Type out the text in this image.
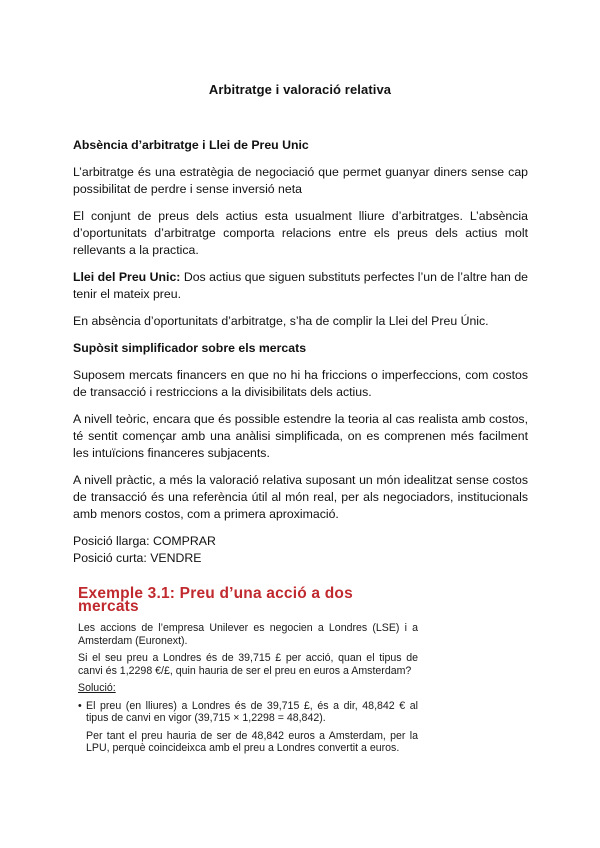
Arbitratge i valoració relativa
Absència d’arbitratge i Llei de Preu Unic

L’arbitratge és una estratègia de negociació que permet guanyar diners sense cap possibilitat de perdre i sense inversió neta

El conjunt de preus dels actius esta usualment lliure d’arbitratges. L’absència d’oportunitats d’arbitratge comporta relacions entre els preus dels actius molt rellevants a la practica.

Llei del Preu Unic: Dos actius que siguen substituts perfectes l’un de l’altre han de tenir el mateix preu.

En absència d’oportunitats d’arbitratge, s’ha de complir la Llei del Preu Únic.

Supòsit simplificador sobre els mercats

Suposem mercats financers en que no hi ha friccions o imperfeccions, com costos de transacció i restriccions a la divisibilitats dels actius.

A nivell teòric, encara que és possible estendre la teoria al cas realista amb costos, té sentit començar amb una anàlisi simplificada, on es comprenen més facilment les intuïcions financeres subjacents.

A nivell pràctic, a més la valoració relativa suposant un món idealitzat sense costos de transacció és una referència útil al món real, per als negociadors, institucionals amb menors costos, com a primera aproximació.

Posició llarga: COMPRAR

Posició curta: VENDRE

Exemple 3.1: Preu d’una acció a dos mercats

Les accions de l’empresa Unilever es negocien a Londres (LSE) i a Amsterdam (Euronext).

Si el seu preu a Londres és de 39,715 £ per acció, quan el tipus de canvi és 1,2298 €/£, quin hauria de ser el preu en euros a Amsterdam?

Solució:

• El preu (en lliures) a Londres és de 39,715 £, és a dir, 48,842 € al tipus de canvi en vigor (39,715 × 1,2298 = 48,842).

Per tant el preu hauria de ser de 48,842 euros a Amsterdam, per la LPU, perquè coincideixca amb el preu a Londres convertit a euros.
